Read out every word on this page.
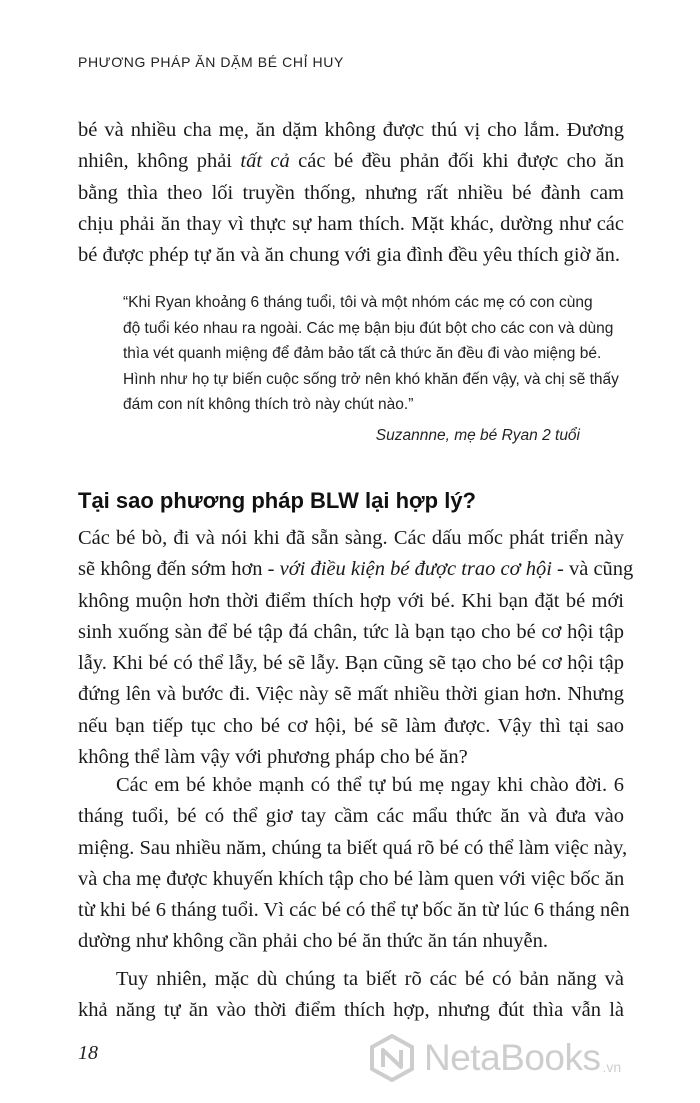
PHƯƠNG PHÁP ĂN DẶM BÉ CHỈ HUY
bé và nhiều cha mẹ, ăn dặm không được thú vị cho lắm. Đương
nhiên, không phải tất cả các bé đều phản đối khi được cho ăn
bằng thìa theo lối truyền thống, nhưng rất nhiều bé đành cam
chịu phải ăn thay vì thực sự ham thích. Mặt khác, dường như các
bé được phép tự ăn và ăn chung với gia đình đều yêu thích giờ ăn.
“Khi Ryan khoảng 6 tháng tuổi, tôi và một nhóm các mẹ có con cùng
độ tuổi kéo nhau ra ngoài. Các mẹ bận bịu đút bột cho các con và dùng
thìa vét quanh miệng để đảm bảo tất cả thức ăn đều đi vào miệng bé.
Hình như họ tự biến cuộc sống trở nên khó khăn đến vậy, và chị sẽ thấy
đám con nít không thích trò này chút nào.”
Suzannne, mẹ bé Ryan 2 tuổi
Tại sao phương pháp BLW lại hợp lý?
Các bé bò, đi và nói khi đã sẵn sàng. Các dấu mốc phát triển này
sẽ không đến sớm hơn - với điều kiện bé được trao cơ hội - và cũng
không muộn hơn thời điểm thích hợp với bé. Khi bạn đặt bé mới
sinh xuống sàn để bé tập đá chân, tức là bạn tạo cho bé cơ hội tập
lẫy. Khi bé có thể lẫy, bé sẽ lẫy. Bạn cũng sẽ tạo cho bé cơ hội tập
đứng lên và bước đi. Việc này sẽ mất nhiều thời gian hơn. Nhưng
nếu bạn tiếp tục cho bé cơ hội, bé sẽ làm được. Vậy thì tại sao
không thể làm vậy với phương pháp cho bé ăn?
Các em bé khỏe mạnh có thể tự bú mẹ ngay khi chào đời. 6
tháng tuổi, bé có thể giơ tay cầm các mẩu thức ăn và đưa vào
miệng. Sau nhiều năm, chúng ta biết quá rõ bé có thể làm việc này,
và cha mẹ được khuyến khích tập cho bé làm quen với việc bốc ăn
từ khi bé 6 tháng tuổi. Vì các bé có thể tự bốc ăn từ lúc 6 tháng nên
dường như không cần phải cho bé ăn thức ăn tán nhuyễn.
Tuy nhiên, mặc dù chúng ta biết rõ các bé có bản năng và
khả năng tự ăn vào thời điểm thích hợp, nhưng đút thìa vẫn là
18	NetaBooks .vn
